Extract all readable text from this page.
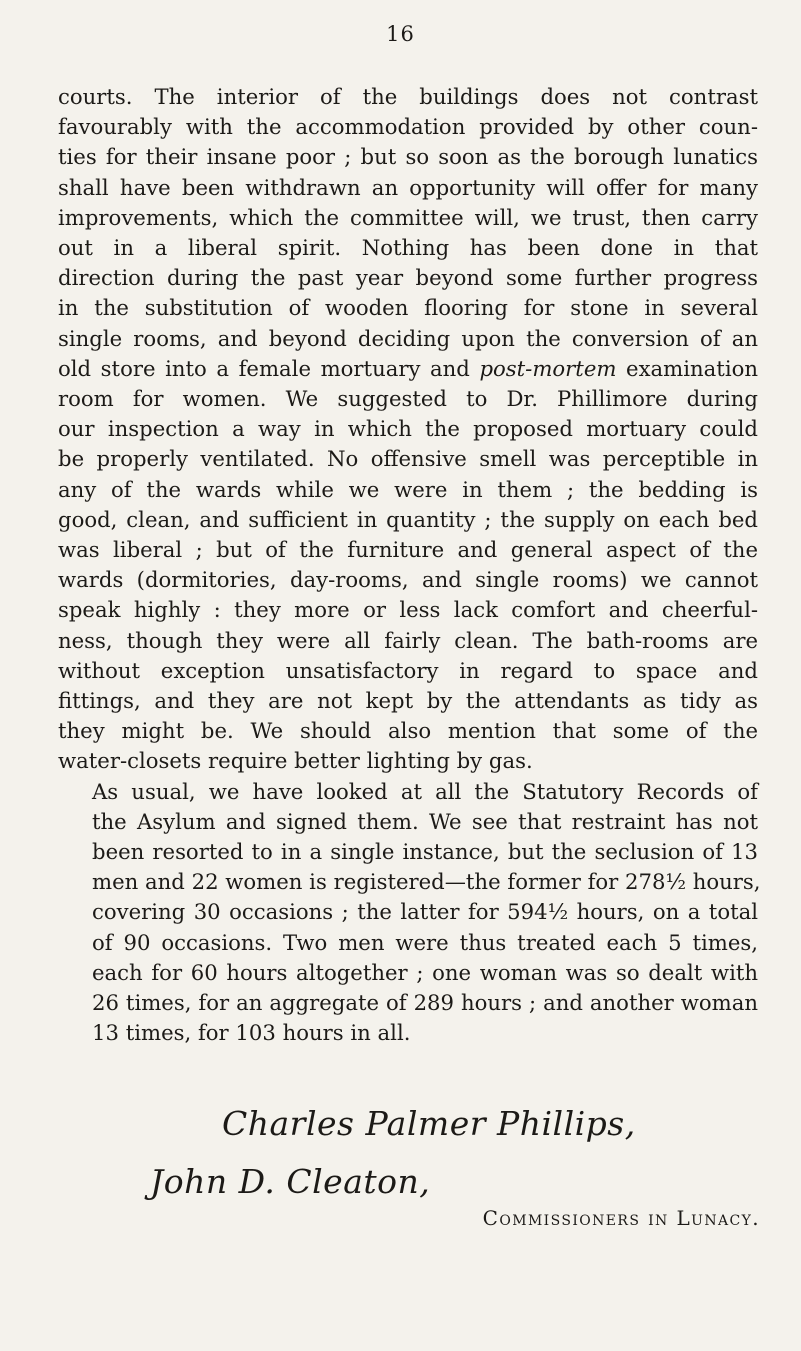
16

courts. The interior of the buildings does not contrast
favourably with the accommodation provided by other coun-
ties for their insane poor ; but so soon as the borough lunatics
shall have been withdrawn an opportunity will offer for many
improvements, which the committee will, we trust, then carry
out in a liberal spirit. Nothing has been done in that
direction during the past year beyond some further progress
in the substitution of wooden flooring for stone in several
single rooms, and beyond deciding upon the conversion of an
old store into a female mortuary and post-mortem examination
room for women. We suggested to Dr. Phillimore during
our inspection a way in which the proposed mortuary could
be properly ventilated. No offensive smell was perceptible in
any of the wards while we were in them ; the bedding is
good, clean, and sufficient in quantity ; the supply on each bed
was liberal ; but of the furniture and general aspect of the
wards (dormitories, day-rooms, and single rooms) we cannot
speak highly : they more or less lack comfort and cheerful-
ness, though they were all fairly clean. The bath-rooms are
without exception unsatisfactory in regard to space and
fittings, and they are not kept by the attendants as tidy as
they might be. We should also mention that some of the
water-closets require better lighting by gas.

As usual, we have looked at all the Statutory Records of
the Asylum and signed them. We see that restraint has not
been resorted to in a single instance, but the seclusion of 13
men and 22 women is registered—the former for 278½ hours,
covering 30 occasions ; the latter for 594½ hours, on a total
of 90 occasions. Two men were thus treated each 5 times,
each for 60 hours altogether ; one woman was so dealt with
26 times, for an aggregate of 289 hours ; and another woman
13 times, for 103 hours in all.

Charles Palmer Phillips,
John D. Cleaton,
Commissioners in Lunacy.
